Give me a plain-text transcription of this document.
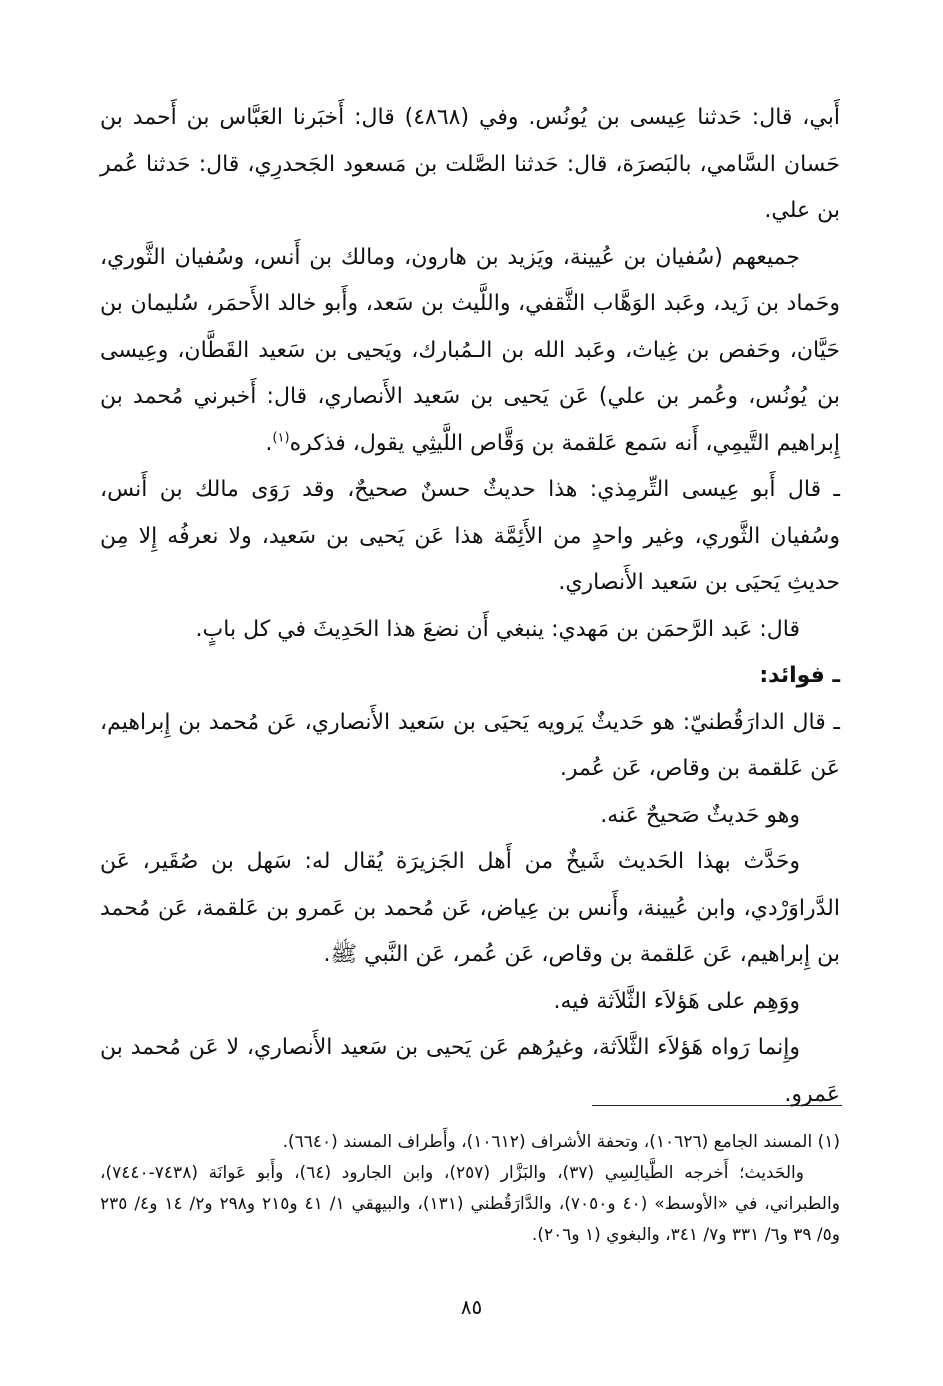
أَبي، قال: حَدثنا عِيسى بن يُونُس. وفي (٤٨٦٨) قال: أَخبَرنا العَبَّاس بن أَحمد بن حَسان السَّامي، بالبَصرَة، قال: حَدثنا الصَّلت بن مَسعود الجَحدرِي، قال: حَدثنا عُمر بن علي.

جميعهم (سُفيان بن عُيينة، ويَزيد بن هارون، ومالك بن أَنس، وسُفيان الثَّوري، وحَماد بن زَيد، وعَبد الوَهَّاب الثَّقفي، واللَّيث بن سَعد، وأَبو خالد الأَحمَر، سُليمان بن حَيَّان، وحَفص بن غِياث، وعَبد الله بن الـمُبارك، ويَحيى بن سَعيد القَطَّان، وعِيسى بن يُونُس، وعُمر بن علي) عَن يَحيى بن سَعيد الأَنصاري، قال: أَخبرني مُحمد بن إِبراهيم التَّيمِي، أَنه سَمع عَلقمة بن وَقَّاص اللَّيثِي يقول، فذكره$^{(١)}$.

ـ قال أَبو عِيسى التِّرمِذي: هذا حديثٌ حسنٌ صحيحٌ، وقد رَوَى مالك بن أَنس، وسُفيان الثَّوري، وغير واحدٍ من الأَئِمَّة هذا عَن يَحيى بن سَعيد، ولا نعرفُه إِلا مِن حديثِ يَحيَى بن سَعيد الأَنصاري.

قال: عَبد الرَّحمَن بن مَهدي: ينبغي أَن نضعَ هذا الحَدِيثَ في كل بابٍ.

ـ فوائد:

ـ قال الدارَقُطنيّ: هو حَديثٌ يَرويه يَحيَى بن سَعيد الأَنصاري، عَن مُحمد بن إِبراهيم، عَن عَلقمة بن وقاص، عَن عُمر.

وهو حَديثٌ صَحيحٌ عَنه.

وحَدَّث بهذا الحَديث شَيخٌ من أَهل الجَزيرَة يُقال له: سَهل بن صُقَير، عَن الدَّراوَرْدي، وابن عُيينة، وأَنس بن عِياض، عَن مُحمد بن عَمرو بن عَلقمة، عَن مُحمد بن إِبراهيم، عَن عَلقمة بن وقاص، عَن عُمر، عَن النَّبي ﷺ.

ووَهِم على هَؤلاَء الثَّلاَثة فيه.

وإِنما رَواه هَؤلاَء الثَّلاَثة، وغيرُهم عَن يَحيى بن سَعيد الأَنصاري، لا عَن مُحمد بن عَمرو.

(١) المسند الجامع (١٠٦٢٦)، وتحفة الأشراف (١٠٦١٢)، وأَطراف المسند (٦٦٤٠).

والحَديث؛ أَخرجه الطَّيالِسِي (٣٧)، والبَزَّار (٢٥٧)، وابن الجارود (٦٤)، وأَبو عَوانَة (٧٤٣٨-٧٤٤٠)، والطبراني، في «الأوسط» (٤٠ و٧٠٥٠)، والدَّارَقُطني (١٣١)، والبيهقي ١/ ٤١ و٢١٥ و٢٩٨ و٢/ ١٤ و٤/ ٢٣٥ و٥/ ٣٩ و٦/ ٣٣١ و٧/ ٣٤١، والبغوي (١ و٢٠٦).

٨٥
